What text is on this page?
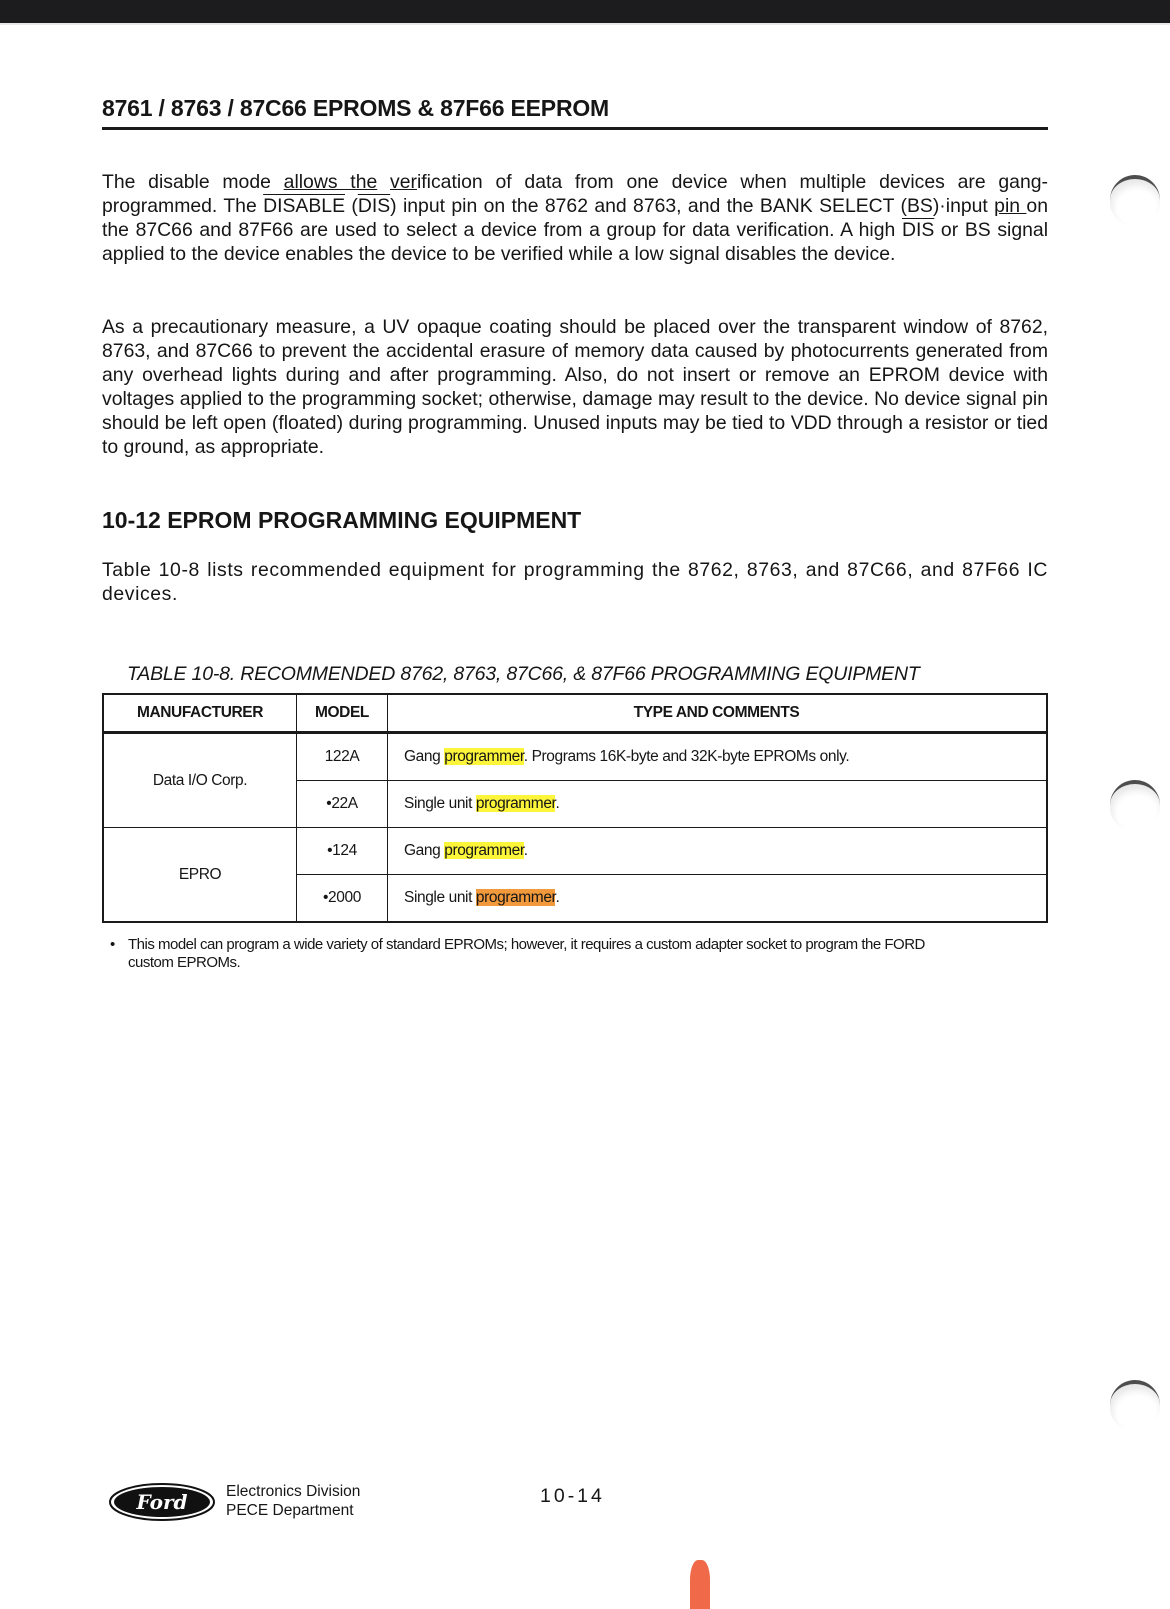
8761 / 8763 / 87C66 EPROMS & 87F66 EEPROM
The disable mode allows the verification of data from one device when multiple devices are gang-programmed. The DISABLE $(\overline{DIS})$ input pin on the 8762 and 8763, and the BANK SELECT (BS)·input pin on the 87C66 and 87F66 are used to select a device from a group for data verification. A high $\overline{DIS}$ or BS signal applied to the device enables the device to be verified while a low signal disables the device.
As a precautionary measure, a UV opaque coating should be placed over the transparent window of 8762, 8763, and 87C66 to prevent the accidental erasure of memory data caused by photocurrents generated from any overhead lights during and after programming. Also, do not insert or remove an EPROM device with voltages applied to the programming socket; otherwise, damage may result to the device. No device signal pin should be left open (floated) during programming. Unused inputs may be tied to VDD through a resistor or tied to ground, as appropriate.
10-12 EPROM PROGRAMMING EQUIPMENT
Table 10-8 lists recommended equipment for programming the 8762, 8763, and 87C66, and 87F66 IC devices.
TABLE 10-8. RECOMMENDED 8762, 8763, 87C66, & 87F66 PROGRAMMING EQUIPMENT
MANUFACTURER	MODEL	TYPE AND COMMENTS
Data I/O Corp.	122A	Gang programmer. Programs 16K-byte and 32K-byte EPROMs only.
	•22A	Single unit programmer.
EPRO	•124	Gang programmer.
	•2000	Single unit programmer.
• This model can program a wide variety of standard EPROMs; however, it requires a custom adapter socket to program the FORD
custom EPROMs.
Ford Electronics Division
PECE Department
10-14
